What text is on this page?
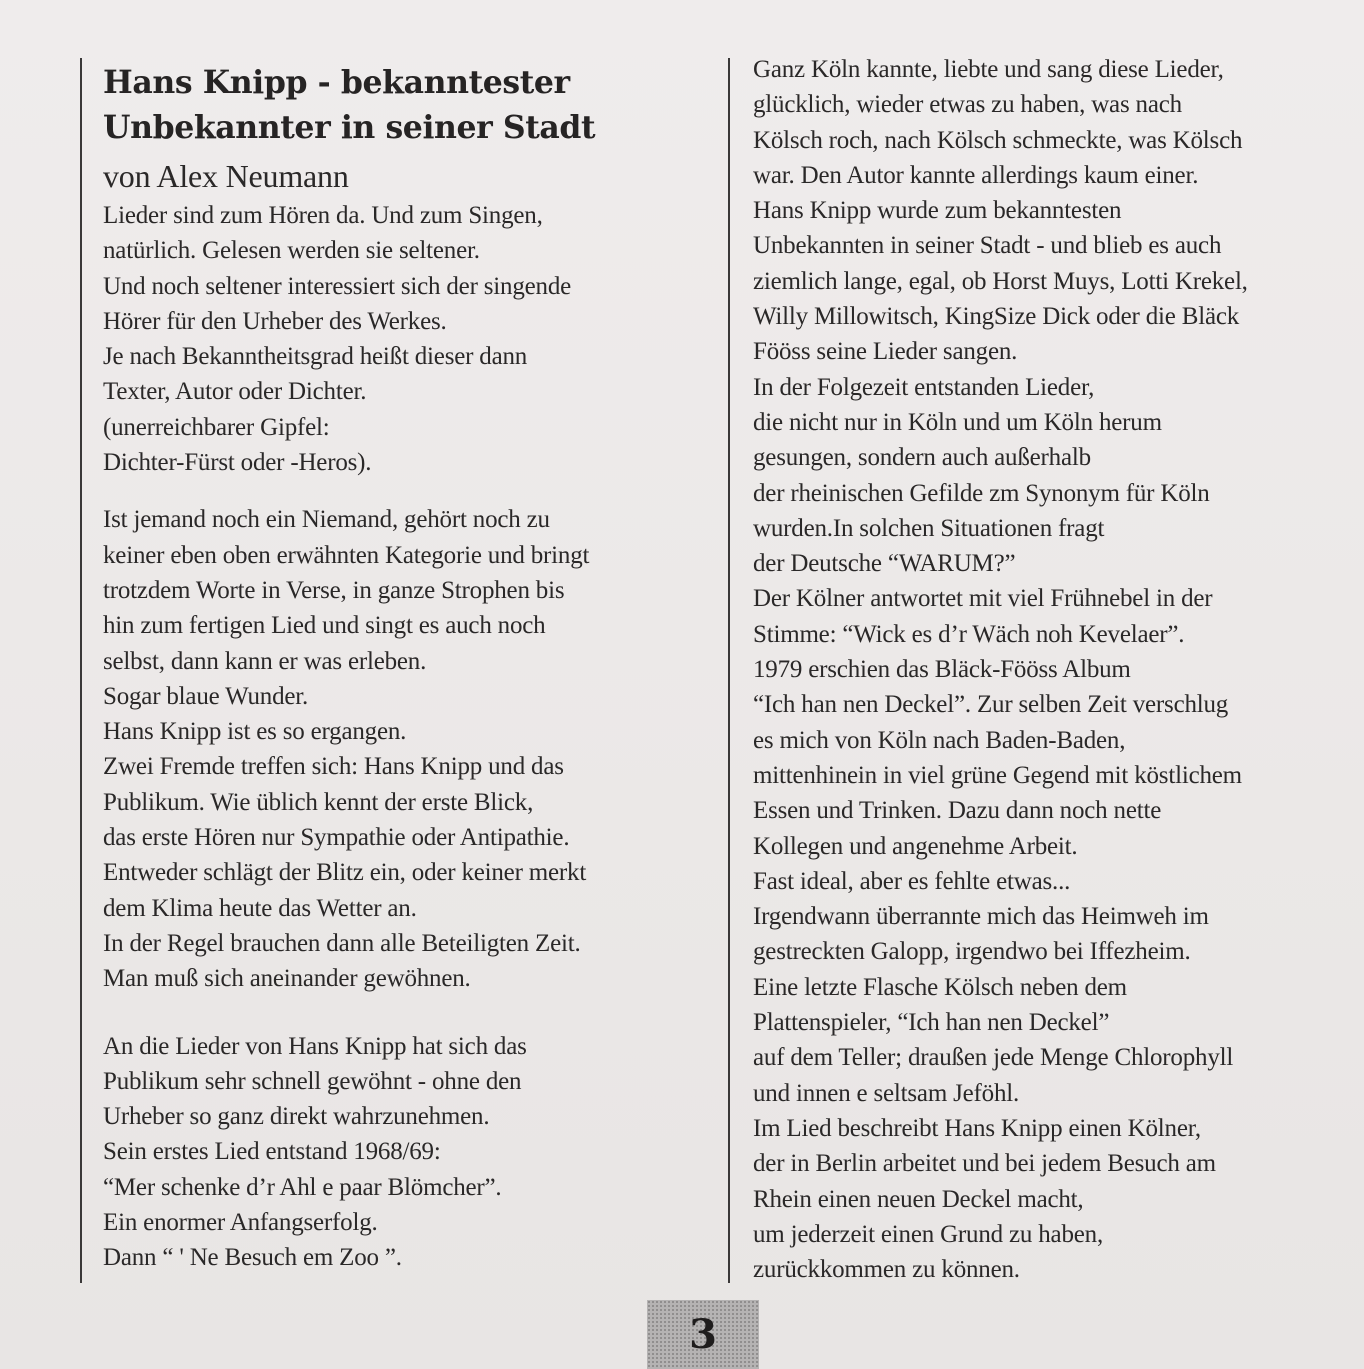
Hans Knipp - bekanntester
Unbekannter in seiner Stadt
von Alex Neumann
Lieder sind zum Hören da. Und zum Singen,
natürlich. Gelesen werden sie seltener.
Und noch seltener interessiert sich der singende
Hörer für den Urheber des Werkes.
Je nach Bekanntheitsgrad heißt dieser dann
Texter, Autor oder Dichter.
(unerreichbarer Gipfel:
Dichter-Fürst oder -Heros).
Ist jemand noch ein Niemand, gehört noch zu
keiner eben oben erwähnten Kategorie und bringt
trotzdem Worte in Verse, in ganze Strophen bis
hin zum fertigen Lied und singt es auch noch
selbst, dann kann er was erleben.
Sogar blaue Wunder.
Hans Knipp ist es so ergangen.
Zwei Fremde treffen sich: Hans Knipp und das
Publikum. Wie üblich kennt der erste Blick,
das erste Hören nur Sympathie oder Antipathie.
Entweder schlägt der Blitz ein, oder keiner merkt
dem Klima heute das Wetter an.
In der Regel brauchen dann alle Beteiligten Zeit.
Man muß sich aneinander gewöhnen.
An die Lieder von Hans Knipp hat sich das
Publikum sehr schnell gewöhnt - ohne den
Urheber so ganz direkt wahrzunehmen.
Sein erstes Lied entstand 1968/69:
“Mer schenke d’r Ahl e paar Blömcher”.
Ein enormer Anfangserfolg.
Dann “ ' Ne Besuch em Zoo ”.
Ganz Köln kannte, liebte und sang diese Lieder,
glücklich, wieder etwas zu haben, was nach
Kölsch roch, nach Kölsch schmeckte, was Kölsch
war. Den Autor kannte allerdings kaum einer.
Hans Knipp wurde zum bekanntesten
Unbekannten in seiner Stadt - und blieb es auch
ziemlich lange, egal, ob Horst Muys, Lotti Krekel,
Willy Millowitsch, KingSize Dick oder die Bläck
Fööss seine Lieder sangen.
In der Folgezeit entstanden Lieder,
die nicht nur in Köln und um Köln herum
gesungen, sondern auch außerhalb
der rheinischen Gefilde zm Synonym für Köln
wurden.In solchen Situationen fragt
der Deutsche “WARUM?”
Der Kölner antwortet mit viel Frühnebel in der
Stimme: “Wick es d’r Wäch noh Kevelaer”.
1979 erschien das Bläck-Fööss Album
“Ich han nen Deckel”. Zur selben Zeit verschlug
es mich von Köln nach Baden-Baden,
mittenhinein in viel grüne Gegend mit köstlichem
Essen und Trinken. Dazu dann noch nette
Kollegen und angenehme Arbeit.
Fast ideal, aber es fehlte etwas...
Irgendwann überrannte mich das Heimweh im
gestreckten Galopp, irgendwo bei Iffezheim.
Eine letzte Flasche Kölsch neben dem
Plattenspieler, “Ich han nen Deckel”
auf dem Teller; draußen jede Menge Chlorophyll
und innen e seltsam Jeföhl.
Im Lied beschreibt Hans Knipp einen Kölner,
der in Berlin arbeitet und bei jedem Besuch am
Rhein einen neuen Deckel macht,
um jederzeit einen Grund zu haben,
zurückkommen zu können.
3
